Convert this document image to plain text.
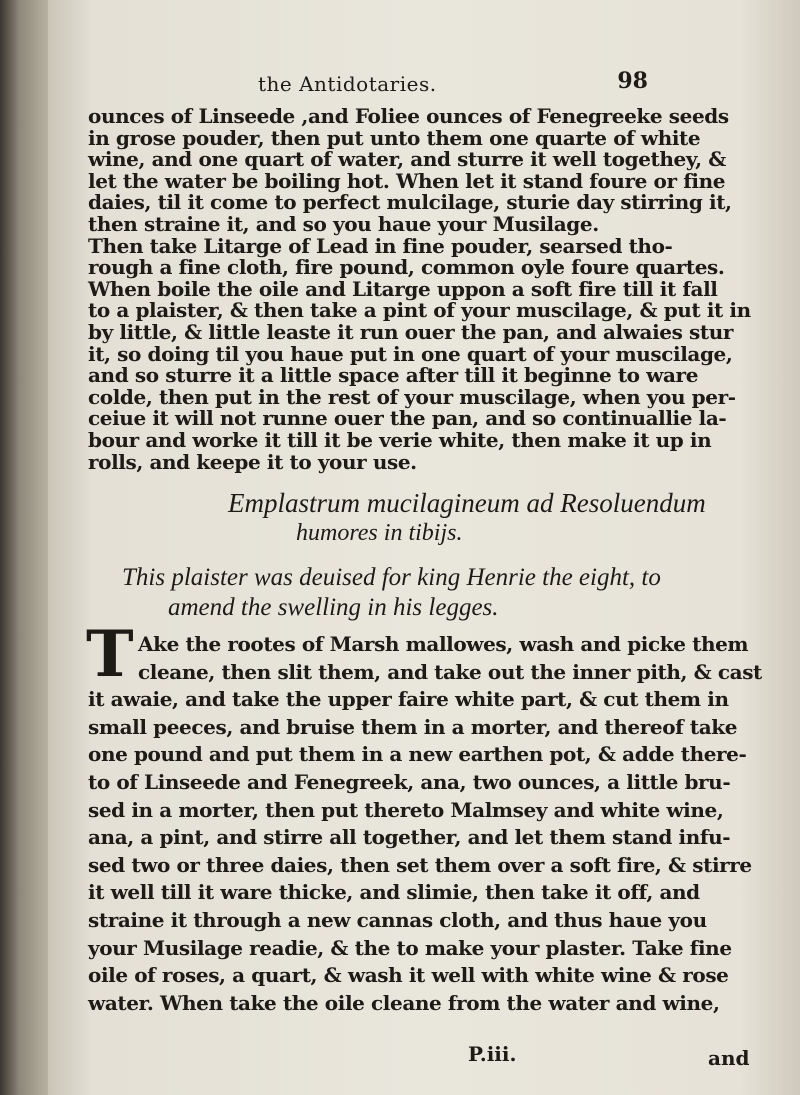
the Antidotaries.	98
ounces of Linseede ,and Foliee ounces of Fenegreeke seeds
in grose pouder, then put unto them one quarte of white
wine, and one quart of water, and sturre it well togethey, &
let the water be boiling hot. When let it stand foure or fine
daies, til it come to perfect mulcilage, sturie day stirring it,
then straine it, and so you haue your Musilage.
Then take Litarge of Lead in fine pouder, searsed tho-
rough a fine cloth, fire pound, common oyle foure quartes.
When boile the oile and Litarge uppon a soft fire till it fall
to a plaister, & then take a pint of your muscilage, & put it in
by little, & little leaste it run ouer the pan, and alwaies stur
it, so doing til you haue put in one quart of your muscilage,
and so sturre it a little space after till it beginne to ware
colde, then put in the rest of your muscilage, when you per-
ceiue it will not runne ouer the pan, and so continuallie la-
bour and worke it till it be verie white, then make it up in
rolls, and keepe it to your use.
Emplastrum mucilagineum ad Resoluendum
humores in tibijs.
This plaister was deuised for king Henrie the eight, to
amend the swelling in his legges.
T Ake the rootes of Marsh mallowes, wash and picke them
cleane, then slit them, and take out the inner pith, & cast
it awaie, and take the upper faire white part, & cut them in
small peeces, and bruise them in a morter, and thereof take
one pound and put them in a new earthen pot, & adde there-
to of Linseede and Fenegreek, ana, two ounces, a little bru-
sed in a morter, then put thereto Malmsey and white wine,
ana, a pint, and stirre all together, and let them stand infu-
sed two or three daies, then set them over a soft fire, & stirre
it well till it ware thicke, and slimie, then take it off, and
straine it through a new cannas cloth, and thus haue you
your Musilage readie, & the to make your plaster. Take fine
oile of roses, a quart, & wash it well with white wine & rose
water. When take the oile cleane from the water and wine,
P.iii.	and
